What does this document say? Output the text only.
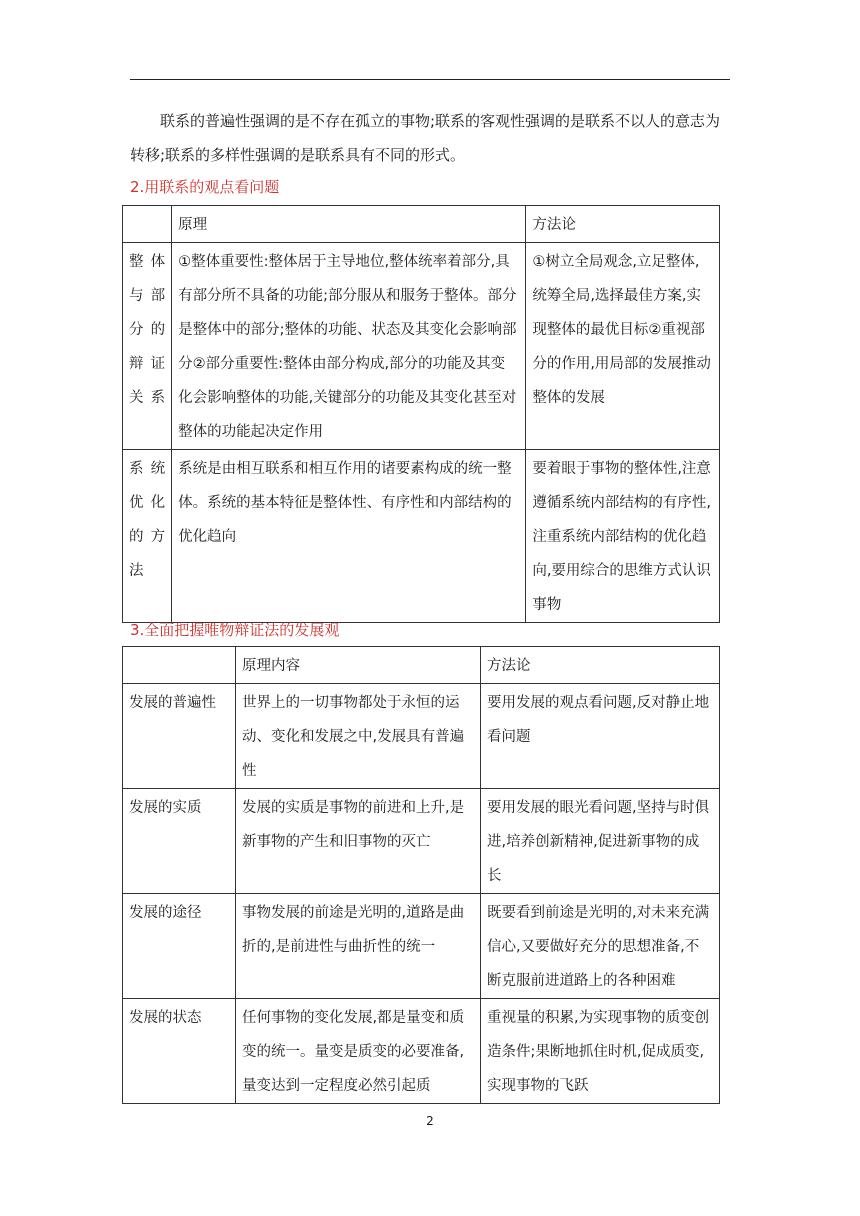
联系的普遍性强调的是不存在孤立的事物;联系的客观性强调的是联系不以人的意志为转移;联系的多样性强调的是联系具有不同的形式。

2.用联系的观点看问题
	原理	方法论
整体与部分的辩证关系	①整体重要性:整体居于主导地位,整体统率着部分,具有部分所不具备的功能;部分服从和服务于整体。部分是整体中的部分;整体的功能、状态及其变化会影响部分②部分重要性:整体由部分构成,部分的功能及其变化会影响整体的功能,关键部分的功能及其变化甚至对整体的功能起决定作用	①树立全局观念,立足整体,统筹全局,选择最佳方案,实现整体的最优目标②重视部分的作用,用局部的发展推动整体的发展
系统优化的方法	系统是由相互联系和相互作用的诸要素构成的统一整体。系统的基本特征是整体性、有序性和内部结构的优化趋向	要着眼于事物的整体性,注意遵循系统内部结构的有序性,注重系统内部结构的优化趋向,要用综合的思维方式认识事物
3.全面把握唯物辩证法的发展观
	原理内容	方法论
发展的普遍性	世界上的一切事物都处于永恒的运动、变化和发展之中,发展具有普遍性	要用发展的观点看问题,反对静止地看问题
发展的实质	发展的实质是事物的前进和上升,是新事物的产生和旧事物的灭亡	要用发展的眼光看问题,坚持与时俱进,培养创新精神,促进新事物的成长
发展的途径	事物发展的前途是光明的,道路是曲折的,是前进性与曲折性的统一	既要看到前途是光明的,对未来充满信心,又要做好充分的思想准备,不断克服前进道路上的各种困难
发展的状态	任何事物的变化发展,都是量变和质变的统一。量变是质变的必要准备,量变达到一定程度必然引起质	重视量的积累,为实现事物的质变创造条件;果断地抓住时机,促成质变,实现事物的飞跃
2
